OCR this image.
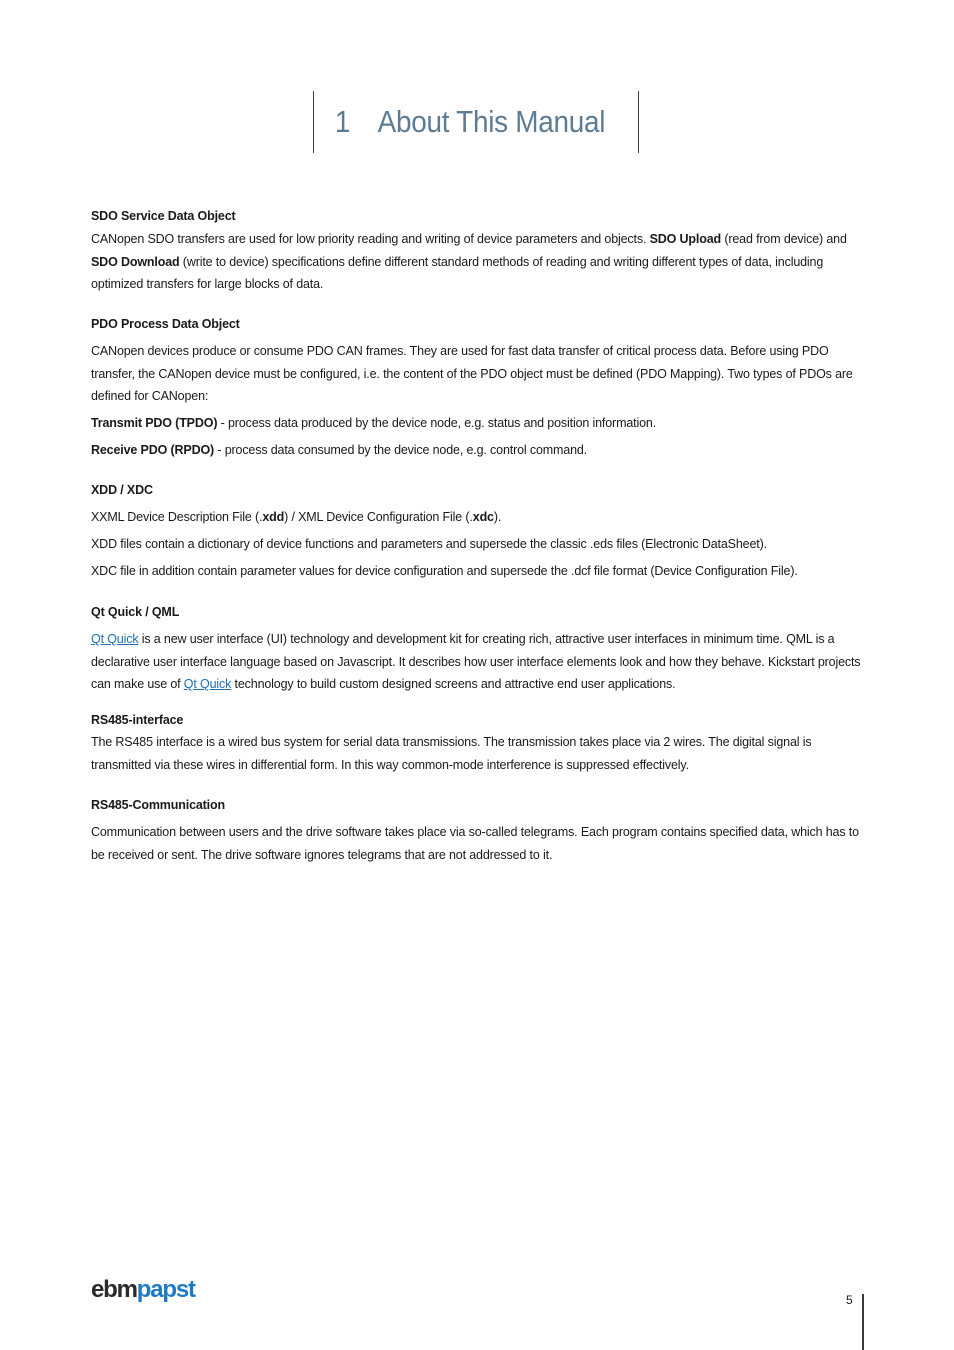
1 About This Manual
SDO Service Data Object

CANopen SDO transfers are used for low priority reading and writing of device parameters and objects. SDO Upload (read from device) and SDO Download (write to device) specifications define different standard methods of reading and writing different types of data, including optimized transfers for large blocks of data.

PDO Process Data Object

CANopen devices produce or consume PDO CAN frames. They are used for fast data transfer of critical process data. Before using PDO transfer, the CANopen device must be configured, i.e. the content of the PDO object must be defined (PDO Mapping). Two types of PDOs are defined for CANopen:

Transmit PDO (TPDO) - process data produced by the device node, e.g. status and position information.

Receive PDO (RPDO) - process data consumed by the device node, e.g. control command.

XDD / XDC

XXML Device Description File (.xdd) / XML Device Configuration File (.xdc).

XDD files contain a dictionary of device functions and parameters and supersede the classic .eds files (Electronic DataSheet).

XDC file in addition contain parameter values for device configuration and supersede the .dcf file format (Device Configuration File).

Qt Quick / QML

Qt Quick is a new user interface (UI) technology and development kit for creating rich, attractive user interfaces in minimum time. QML is a declarative user interface language based on Javascript. It describes how user interface elements look and how they behave. Kickstart projects can make use of Qt Quick technology to build custom designed screens and attractive end user applications.

RS485-interface

The RS485 interface is a wired bus system for serial data transmissions. The transmission takes place via 2 wires. The digital signal is transmitted via these wires in differential form. In this way common-mode interference is suppressed effectively.

RS485-Communication

Communication between users and the drive software takes place via so-called telegrams. Each program contains specified data, which has to be received or sent. The drive software ignores telegrams that are not addressed to it.

ebmpapst	5
